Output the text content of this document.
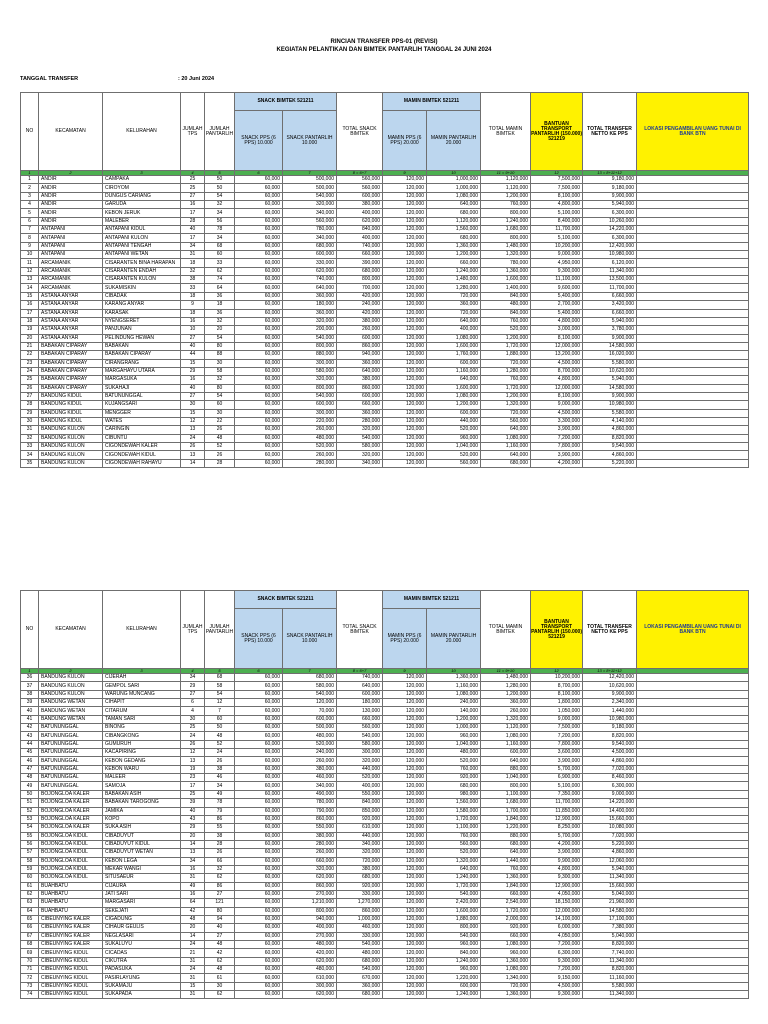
RINCIAN TRANSFER PPS-01 (REVISI)
KEGIATAN PELANTIKAN DAN BIMTEK PANTARLIH TANGGAL 24 JUNI 2024
TANGGAL TRANSFER	: 20 Juni 2024
NO	KECAMATAN	KELURAHAN	JUMLAH TPS	JUMLAH PANTARLIH	SNACK BIMTEK 521211		TOTAL SNACK BIMTEK	MAMIN BIMTEK 521211		TOTAL MAMIN BIMTEK	BANTUAN TRANSPORT PANTARLIH (150.000) 521219	TOTAL TRANSFER NETTO KE PPS	LOKASI PENGAMBILAN UANG TUNAI DI BANK BTN
					SNACK PPS (6 PPS) 10.000	SNACK PANTARLIH 10.000		MAMIN PPS (6 PPS) 20.000	MAMIN PANTARLIH 20.000				
1	2	3	4	5	6	7	8 = 6+7	9	10	11 = 9+10	12	13 = 8+11+12	
1	ANDIR	CAMPAKA	25	50	60,000	500,000	560,000	120,000	1,000,000	1,120,000	7,500,000	9,180,000	
2	ANDIR	CIROYOM	25	50	60,000	500,000	560,000	120,000	1,000,000	1,120,000	7,500,000	9,180,000	
3	ANDIR	DUNGUS CARIANG	27	54	60,000	540,000	600,000	120,000	1,080,000	1,200,000	8,100,000	9,900,000	
4	ANDIR	GARUDA	16	32	60,000	320,000	380,000	120,000	640,000	760,000	4,800,000	5,940,000	
5	ANDIR	KEBON JERUK	17	34	60,000	340,000	400,000	120,000	680,000	800,000	5,100,000	6,300,000	
6	ANDIR	MALEBER	28	56	60,000	560,000	620,000	120,000	1,120,000	1,240,000	8,400,000	10,260,000	
7	ANTAPANI	ANTAPANI KIDUL	40	78	60,000	780,000	840,000	120,000	1,560,000	1,680,000	11,700,000	14,220,000	
8	ANTAPANI	ANTAPANI KULON	17	34	60,000	340,000	400,000	120,000	680,000	800,000	5,100,000	6,300,000	
9	ANTAPANI	ANTAPANI TENGAH	34	68	60,000	680,000	740,000	120,000	1,360,000	1,480,000	10,200,000	12,420,000	
10	ANTAPANI	ANTAPANI WETAN	31	60	60,000	600,000	660,000	120,000	1,200,000	1,320,000	9,000,000	10,980,000	
11	ARCAMANIK	CISARANTEN BINA HARAPAN	18	33	60,000	330,000	390,000	120,000	660,000	780,000	4,950,000	6,120,000	
12	ARCAMANIK	CISARANTEN ENDAH	32	62	60,000	620,000	680,000	120,000	1,240,000	1,360,000	9,300,000	11,340,000	
13	ARCAMANIK	CISARANTEN KULON	38	74	60,000	740,000	800,000	120,000	1,480,000	1,600,000	11,100,000	13,500,000	
14	ARCAMANIK	SUKAMISKIN	33	64	60,000	640,000	700,000	120,000	1,280,000	1,400,000	9,600,000	11,700,000	
15	ASTANA ANYAR	CIBADAK	18	36	60,000	360,000	420,000	120,000	720,000	840,000	5,400,000	6,660,000	
16	ASTANA ANYAR	KARANG ANYAR	9	18	60,000	180,000	240,000	120,000	360,000	480,000	2,700,000	3,420,000	
17	ASTANA ANYAR	KARASAK	18	36	60,000	360,000	420,000	120,000	720,000	840,000	5,400,000	6,660,000	
18	ASTANA ANYAR	NYENGSERET	16	32	60,000	320,000	380,000	120,000	640,000	760,000	4,800,000	5,940,000	
19	ASTANA ANYAR	PANJUNAN	10	20	60,000	200,000	260,000	120,000	400,000	520,000	3,000,000	3,780,000	
20	ASTANA ANYAR	PELINDUNG HEWAN	27	54	60,000	540,000	600,000	120,000	1,080,000	1,200,000	8,100,000	9,900,000	
21	BABAKAN CIPARAY	BABAKAN	40	80	60,000	800,000	860,000	120,000	1,600,000	1,720,000	12,000,000	14,580,000	
22	BABAKAN CIPARAY	BABAKAN CIPARAY	44	88	60,000	880,000	940,000	120,000	1,760,000	1,880,000	13,200,000	16,020,000	
23	BABAKAN CIPARAY	CIRANGRANG	15	30	60,000	300,000	360,000	120,000	600,000	720,000	4,500,000	5,580,000	
24	BABAKAN CIPARAY	MARGAHAYU UTARA	29	58	60,000	580,000	640,000	120,000	1,160,000	1,280,000	8,700,000	10,620,000	
25	BABAKAN CIPARAY	MARGASUKA	16	32	60,000	320,000	380,000	120,000	640,000	760,000	4,800,000	5,940,000	
26	BABAKAN CIPARAY	SUKAHAJI	40	80	60,000	800,000	860,000	120,000	1,600,000	1,720,000	12,000,000	14,580,000	
27	BANDUNG KIDUL	BATUNUNGGAL	27	54	60,000	540,000	600,000	120,000	1,080,000	1,200,000	8,100,000	9,900,000	
28	BANDUNG KIDUL	KUJANGSARI	30	60	60,000	600,000	660,000	120,000	1,200,000	1,320,000	9,000,000	10,980,000	
29	BANDUNG KIDUL	MENGGER	15	30	60,000	300,000	360,000	120,000	600,000	720,000	4,500,000	5,580,000	
30	BANDUNG KIDUL	WATES	12	22	60,000	220,000	280,000	120,000	440,000	560,000	3,300,000	4,140,000	
31	BANDUNG KULON	CARINGIN	13	26	60,000	260,000	320,000	120,000	520,000	640,000	3,900,000	4,860,000	
32	BANDUNG KULON	CIBUNTU	24	48	60,000	480,000	540,000	120,000	960,000	1,080,000	7,200,000	8,820,000	
33	BANDUNG KULON	CIGONDEWAH KALER	26	52	60,000	520,000	580,000	120,000	1,040,000	1,160,000	7,800,000	9,540,000	
34	BANDUNG KULON	CIGONDEWAH KIDUL	13	26	60,000	260,000	320,000	120,000	520,000	640,000	3,900,000	4,860,000	
35	BANDUNG KULON	CIGONDEWAH RAHAYU	14	28	60,000	280,000	340,000	120,000	560,000	680,000	4,200,000	5,220,000	
NO	KECAMATAN	KELURAHAN	JUMLAH TPS	JUMLAH PANTARLIH	SNACK BIMTEK 521211		TOTAL SNACK BIMTEK	MAMIN BIMTEK 521211		TOTAL MAMIN BIMTEK	BANTUAN TRANSPORT PANTARLIH (150.000) 521219	TOTAL TRANSFER NETTO KE PPS	LOKASI PENGAMBILAN UANG TUNAI DI BANK BTN
					SNACK PPS (6 PPS) 10.000	SNACK PANTARLIH 10.000		MAMIN PPS (6 PPS) 20.000	MAMIN PANTARLIH 20.000				
1	2	3	4	5	6	7	8 = 6+7	9	10	11 = 9+10	12	13 = 8+11+12	
36	BANDUNG KULON	CIJERAH	34	68	60,000	680,000	740,000	120,000	1,360,000	1,480,000	10,200,000	12,420,000	
37	BANDUNG KULON	GEMPOL SARI	29	58	60,000	580,000	640,000	120,000	1,160,000	1,280,000	8,700,000	10,620,000	
38	BANDUNG KULON	WARUNG MUNCANG	27	54	60,000	540,000	600,000	120,000	1,080,000	1,200,000	8,100,000	9,900,000	
39	BANDUNG WETAN	CIHAPIT	6	12	60,000	120,000	180,000	120,000	240,000	360,000	1,800,000	2,340,000	
40	BANDUNG WETAN	CITARUM	4	7	60,000	70,000	130,000	120,000	140,000	260,000	1,050,000	1,440,000	
41	BANDUNG WETAN	TAMAN SARI	30	60	60,000	600,000	660,000	120,000	1,200,000	1,320,000	9,000,000	10,980,000	
42	BATUNUNGGAL	BINONG	25	50	60,000	500,000	560,000	120,000	1,000,000	1,120,000	7,500,000	9,180,000	
43	BATUNUNGGAL	CIBANGKONG	24	48	60,000	480,000	540,000	120,000	960,000	1,080,000	7,200,000	8,820,000	
44	BATUNUNGGAL	GUMURUH	26	52	60,000	520,000	580,000	120,000	1,040,000	1,160,000	7,800,000	9,540,000	
45	BATUNUNGGAL	KACAPIRING	12	24	60,000	240,000	300,000	120,000	480,000	600,000	3,600,000	4,500,000	
46	BATUNUNGGAL	KEBON GEDANG	13	26	60,000	260,000	320,000	120,000	520,000	640,000	3,900,000	4,860,000	
47	BATUNUNGGAL	KEBON WARU	19	38	60,000	380,000	440,000	120,000	760,000	880,000	5,700,000	7,020,000	
48	BATUNUNGGAL	MALEER	23	46	60,000	460,000	520,000	120,000	920,000	1,040,000	6,900,000	8,460,000	
49	BATUNUNGGAL	SAMOJA	17	34	60,000	340,000	400,000	120,000	680,000	800,000	5,100,000	6,300,000	
50	BOJONGLOA KALER	BABAKAN ASIH	25	49	60,000	490,000	550,000	120,000	980,000	1,100,000	7,350,000	9,000,000	
51	BOJONGLOA KALER	BABAKAN TAROGONG	39	78	60,000	780,000	840,000	120,000	1,560,000	1,680,000	11,700,000	14,220,000	
52	BOJONGLOA KALER	JAMIKA	40	79	60,000	790,000	850,000	120,000	1,580,000	1,700,000	11,850,000	14,400,000	
53	BOJONGLOA KALER	KOPO	43	86	60,000	860,000	920,000	120,000	1,720,000	1,840,000	12,900,000	15,660,000	
54	BOJONGLOA KALER	SUKA ASIH	29	55	60,000	550,000	610,000	120,000	1,100,000	1,220,000	8,250,000	10,080,000	
55	BOJONGLOA KIDUL	CIBADUYUT	20	38	60,000	380,000	440,000	120,000	760,000	880,000	5,700,000	7,020,000	
56	BOJONGLOA KIDUL	CIBADUYUT KIDUL	14	28	60,000	280,000	340,000	120,000	560,000	680,000	4,200,000	5,220,000	
57	BOJONGLOA KIDUL	CIBADUYUT WETAN	13	26	60,000	260,000	320,000	120,000	520,000	640,000	3,900,000	4,860,000	
58	BOJONGLOA KIDUL	KEBON LEGA	34	66	60,000	660,000	720,000	120,000	1,320,000	1,440,000	9,900,000	12,060,000	
59	BOJONGLOA KIDUL	MEKAR WANGI	16	32	60,000	320,000	380,000	120,000	640,000	760,000	4,800,000	5,940,000	
60	BOJONGLOA KIDUL	SITUSAEUR	31	62	60,000	620,000	680,000	120,000	1,240,000	1,360,000	9,300,000	11,340,000	
61	BUAHBATU	CIJAURA	49	86	60,000	860,000	920,000	120,000	1,720,000	1,840,000	12,900,000	15,660,000	
62	BUAHBATU	JATI SARI	16	27	60,000	270,000	330,000	120,000	540,000	660,000	4,050,000	5,040,000	
63	BUAHBATU	MARGASARI	64	121	60,000	1,210,000	1,270,000	120,000	2,420,000	2,540,000	18,150,000	21,960,000	
64	BUAHBATU	SEKEJATI	42	80	60,000	800,000	860,000	120,000	1,600,000	1,720,000	12,000,000	14,580,000	
65	CIBEUNYING KALER	CIGADUNG	48	94	60,000	940,000	1,000,000	120,000	1,880,000	2,000,000	14,100,000	17,100,000	
66	CIBEUNYING KALER	CIHAUR GEULIS	20	40	60,000	400,000	460,000	120,000	800,000	920,000	6,000,000	7,380,000	
67	CIBEUNYING KALER	NEGLASARI	14	27	60,000	270,000	330,000	120,000	540,000	660,000	4,050,000	5,040,000	
68	CIBEUNYING KALER	SUKALUYU	24	48	60,000	480,000	540,000	120,000	960,000	1,080,000	7,200,000	8,820,000	
69	CIBEUNYING KIDUL	CICADAS	21	42	60,000	420,000	480,000	120,000	840,000	960,000	6,300,000	7,740,000	
70	CIBEUNYING KIDUL	CIKUTRA	31	62	60,000	620,000	680,000	120,000	1,240,000	1,360,000	9,300,000	11,340,000	
71	CIBEUNYING KIDUL	PADASUKA	24	48	60,000	480,000	540,000	120,000	960,000	1,080,000	7,200,000	8,820,000	
72	CIBEUNYING KIDUL	PASIRLAYUNG	31	61	60,000	610,000	670,000	120,000	1,220,000	1,340,000	9,150,000	11,160,000	
73	CIBEUNYING KIDUL	SUKAMAJU	15	30	60,000	300,000	360,000	120,000	600,000	720,000	4,500,000	5,580,000	
74	CIBEUNYING KIDUL	SUKAPADA	31	62	60,000	620,000	680,000	120,000	1,240,000	1,360,000	9,300,000	11,340,000	
